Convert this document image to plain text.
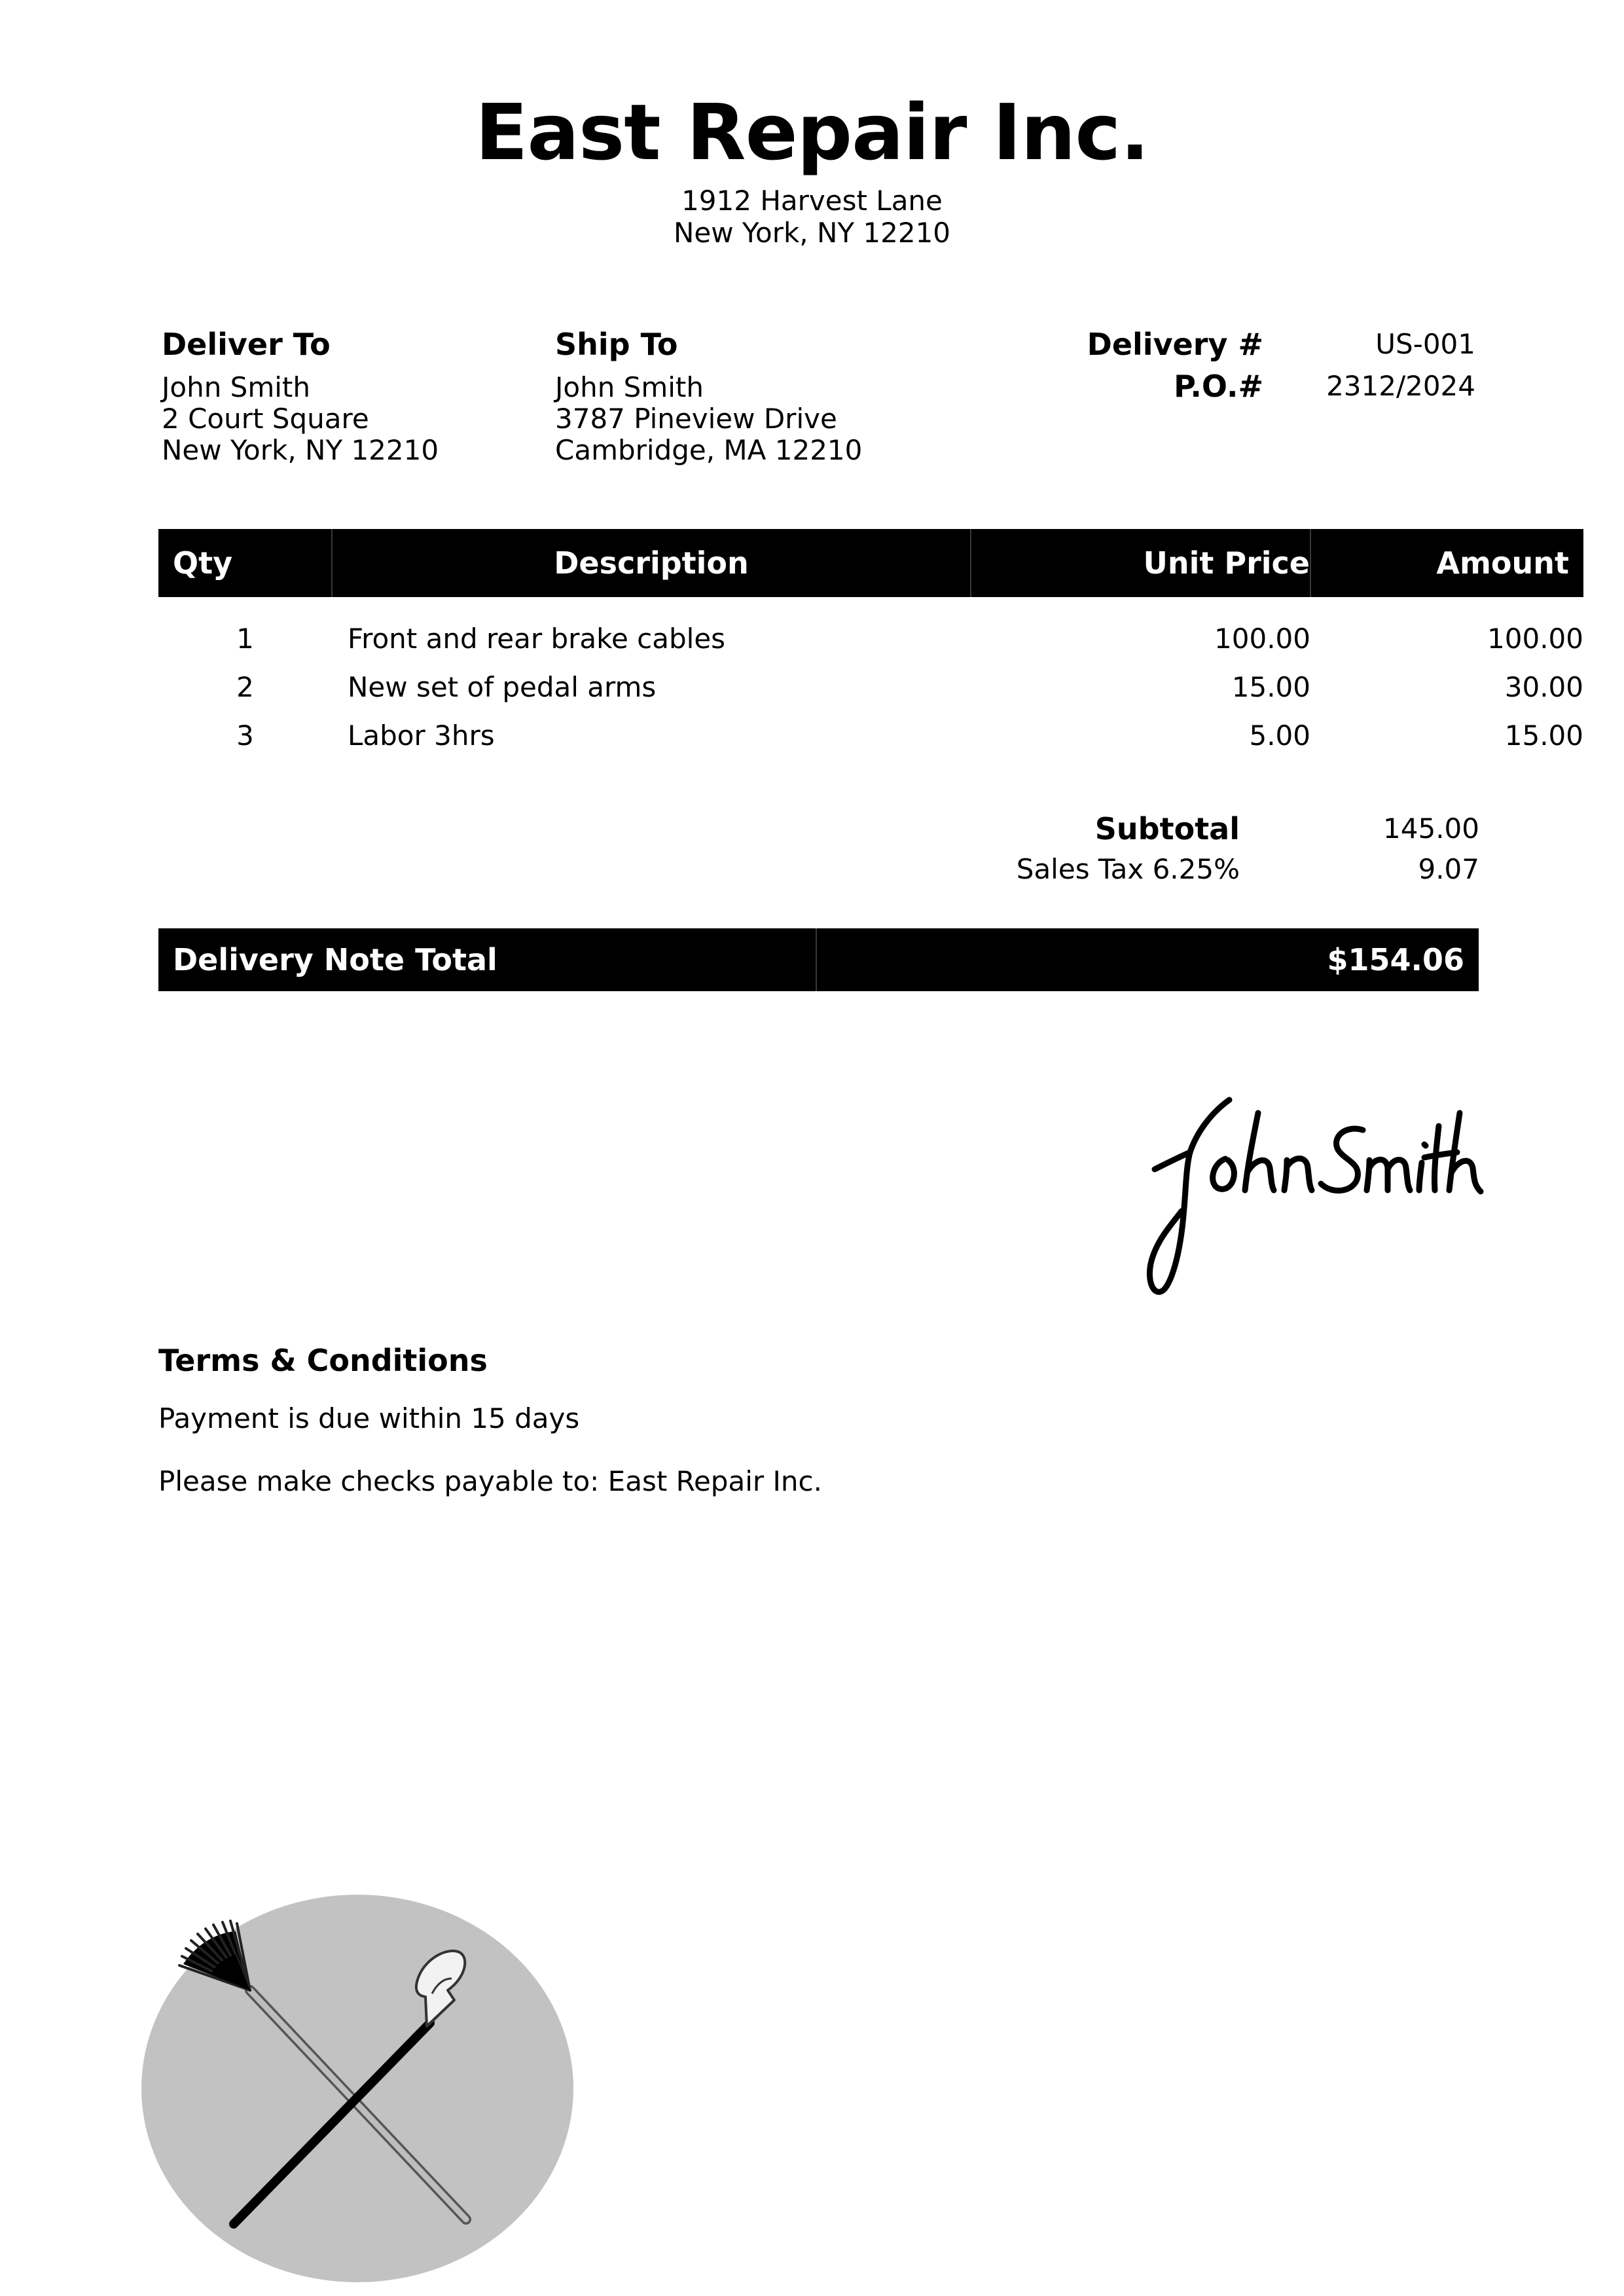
East Repair Inc.
1912 Harvest Lane
New York, NY 12210
Deliver To
John Smith
2 Court Square
New York, NY 12210
Ship To
John Smith
3787 Pineview Drive
Cambridge, MA 12210
Delivery #	US-001
P.O.# 2312/2024
Qty	Description	Unit Price	Amount
1	Front and rear brake cables	100.00	100.00
2	New set of pedal arms	15.00	30.00
3	Labor 3hrs	5.00	15.00
Subtotal	145.00
Sales Tax 6.25%	9.07
Delivery Note Total	$154.06
Terms & Conditions
Payment is due within 15 days
Please make checks payable to: East Repair Inc.
